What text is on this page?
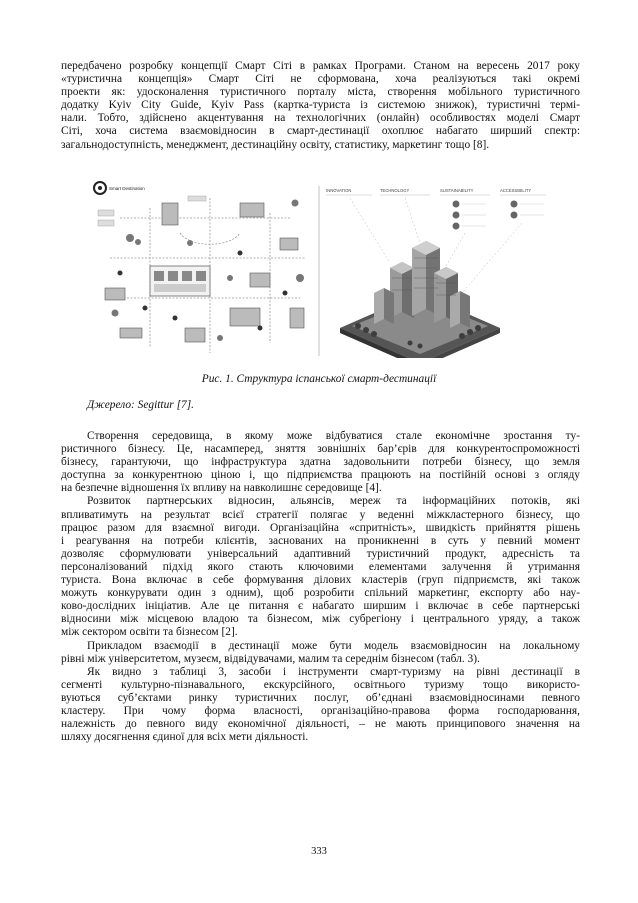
передбачено розробку концепції Смарт Сіті в рамках Програми. Станом на вересень 2017 року
«туристична концепція» Смарт Сіті не сформована, хоча реалізуються такі окремі
проекти як: удосконалення туристичного порталу міста, створення мобільного туристичного
додатку Kyiv City Guide, Kyiv Pass (картка-туриста із системою знижок), туристичні термі-
нали. Тобто, здійснено акцентування на технологічних (онлайн) особливостях моделі Смарт
Сіті, хоча система взаємовідносин в смарт-дестинації охоплює набагато ширший спектр:
загальнодоступність, менеджмент, дестинаційну освіту, статистику, маркетинг тощо [8].
Smart Destination	INNOVATION	TECHNOLOGY	SUSTAINABILITY	ACCESSIBILITY
Рис. 1. Структура іспанської смарт-дестинації
Джерело: Segittur [7].
Створення середовища, в якому може відбуватися стале економічне зростання ту-
ристичного бізнесу. Це, насамперед, зняття зовнішніх бар’єрів для конкурентоспроможності
бізнесу, гарантуючи, що інфраструктура здатна задовольнити потреби бізнесу, що земля
доступна за конкурентною ціною і, що підприємства працюють на постійній основі з огляду
на безпечне відношення їх впливу на навколишнє середовище [4].
Розвиток партнерських відносин, альянсів, мереж та інформаційних потоків, які
впливатимуть на результат всієї стратегії полягає у веденні міжкластерного бізнесу, що
працює разом для взаємної вигоди. Організаційна «спритність», швидкість прийняття рішень
і реагування на потреби клієнтів, заснованих на проникненні в суть у певний момент
дозволяє сформулювати універсальний адаптивний туристичний продукт, адресність та
персоналізований підхід якого стають ключовими елементами залучення й утримання
туриста. Вона включає в себе формування ділових кластерів (груп підприємств, які також
можуть конкурувати один з одним), щоб розробити спільний маркетинг, експорту або нау-
ково-дослідних ініціатив. Але це питання є набагато ширшим і включає в себе партнерські
відносини між місцевою владою та бізнесом, між субрегіону і центрального уряду, а також
між сектором освіти та бізнесом [2].
Прикладом взаємодії в дестинації може бути модель взаємовідносин на локальному
рівні між університетом, музеєм, відвідувачами, малим та середнім бізнесом (табл. 3).
Як видно з таблиці 3, засоби і інструменти смарт-туризму на рівні дестинації в
сегменті культурно-пізнавального, екскурсійного, освітнього туризму тощо використо-
вуються суб’єктами ринку туристичних послуг, об’єднані взаємовідносинами певного
кластеру. При чому форма власності, організаційно-правова форма господарювання,
належність до певного виду економічної діяльності, – не мають принципового значення на
шляху досягнення єдиної для всіх мети діяльності.
333
